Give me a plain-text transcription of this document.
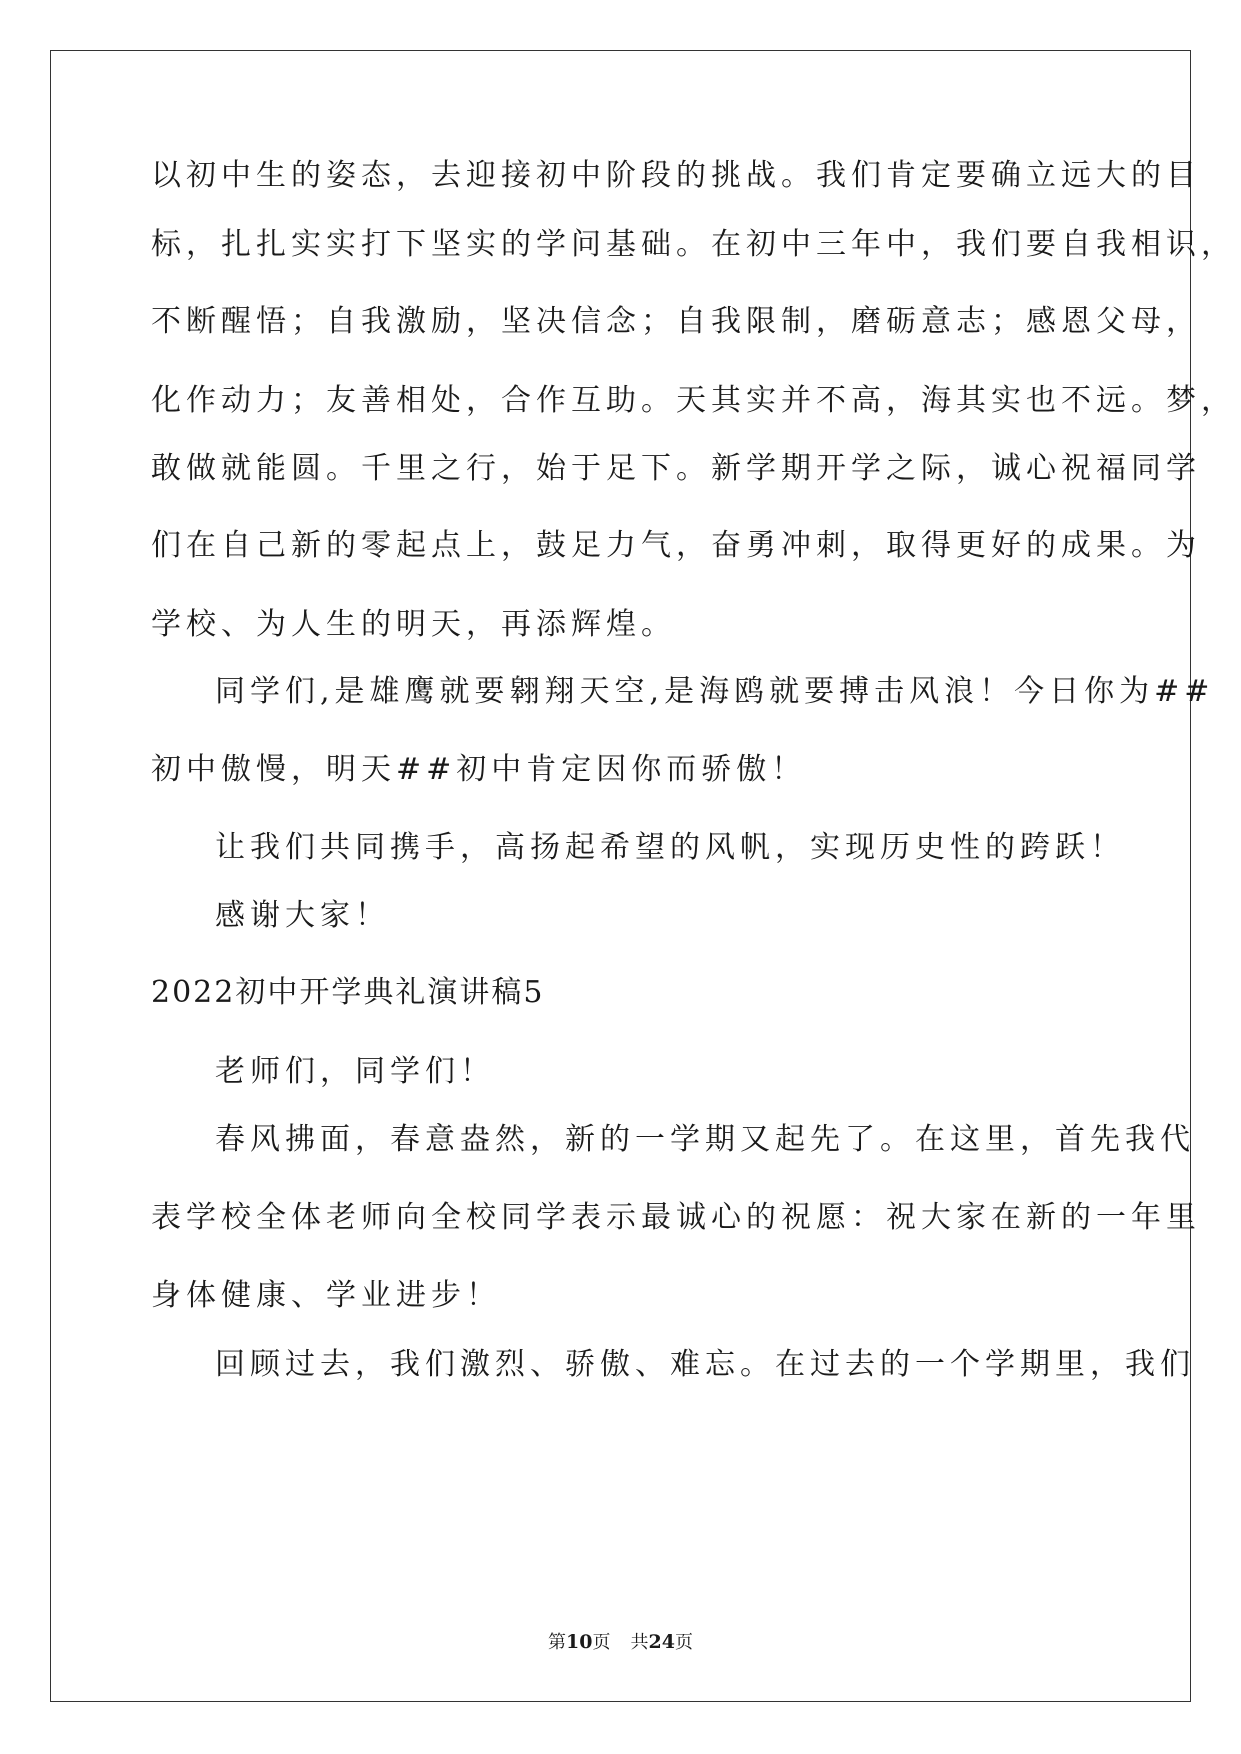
以初中生的姿态，去迎接初中阶段的挑战。我们肯定要确立远大的目
标，扎扎实实打下坚实的学问基础。在初中三年中，我们要自我相识，
不断醒悟；自我激励，坚决信念；自我限制，磨砺意志；感恩父母，
化作动力；友善相处，合作互助。天其实并不高，海其实也不远。梦，
敢做就能圆。千里之行，始于足下。新学期开学之际，诚心祝福同学
们在自己新的零起点上，鼓足力气，奋勇冲刺，取得更好的成果。为
学校、为人生的明天，再添辉煌。
同学们,是雄鹰就要翱翔天空,是海鸥就要搏击风浪！今日你为##
初中傲慢，明天##初中肯定因你而骄傲！
让我们共同携手，高扬起希望的风帆，实现历史性的跨跃！
感谢大家！
2022初中开学典礼演讲稿5
老师们，同学们！
春风拂面，春意盎然，新的一学期又起先了。在这里，首先我代
表学校全体老师向全校同学表示最诚心的祝愿：祝大家在新的一年里
身体健康、学业进步！
回顾过去，我们激烈、骄傲、难忘。在过去的一个学期里，我们
第10页 共24页
